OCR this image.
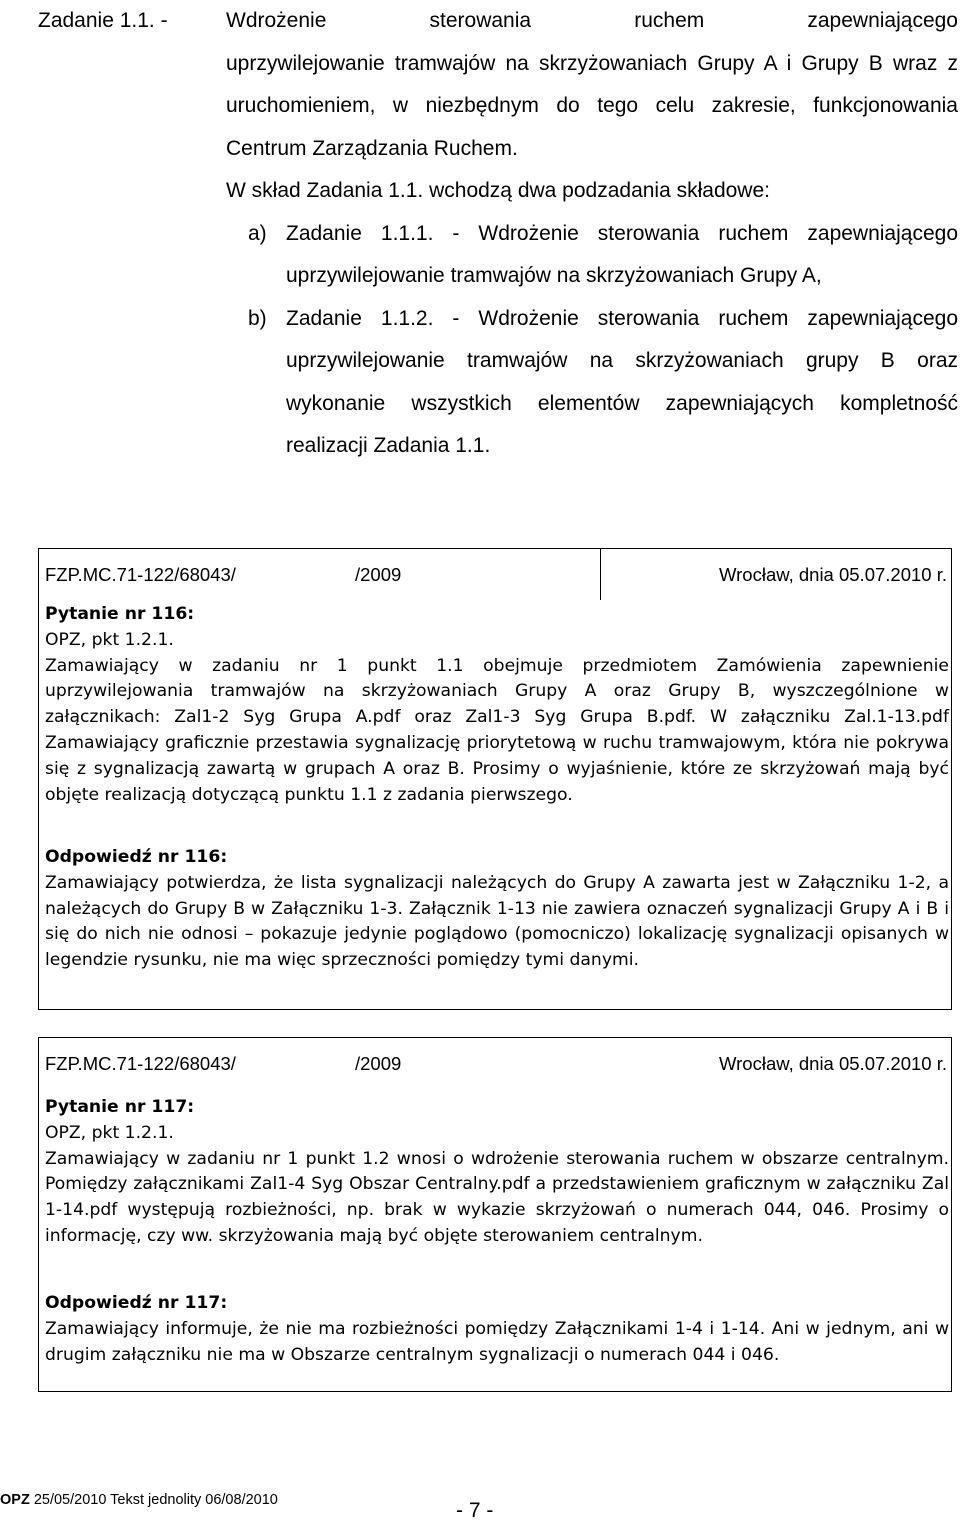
Zadanie 1.1. -	Wdrożenie sterowania ruchem zapewniającego
uprzywilejowanie tramwajów na skrzyżowaniach Grupy A i Grupy B wraz z uruchomieniem, w niezbędnym do tego celu zakresie, funkcjonowania Centrum Zarządzania Ruchem.
W skład Zadania 1.1. wchodzą dwa podzadania składowe:
a) Zadanie 1.1.1. - Wdrożenie sterowania ruchem zapewniającego uprzywilejowanie tramwajów na skrzyżowaniach Grupy A,
b) Zadanie 1.1.2. - Wdrożenie sterowania ruchem zapewniającego uprzywilejowanie tramwajów na skrzyżowaniach grupy B oraz wykonanie wszystkich elementów zapewniających kompletność realizacji Zadania 1.1.
FZP.MC.71-122/68043/	/2009	Wrocław, dnia 05.07.2010 r.

Pytanie nr 116:

OPZ, pkt 1.2.1.

Zamawiający w zadaniu nr 1 punkt 1.1 obejmuje przedmiotem Zamówienia zapewnienie uprzywilejowania tramwajów na skrzyżowaniach Grupy A oraz Grupy B, wyszczególnione w załącznikach: Zal1-2 Syg Grupa A.pdf oraz Zal1-3 Syg Grupa B.pdf. W załączniku Zal.1-13.pdf Zamawiający graficznie przestawia sygnalizację priorytetową w ruchu tramwajowym, która nie pokrywa się z sygnalizacją zawartą w grupach A oraz B. Prosimy o wyjaśnienie, które ze skrzyżowań mają być objęte realizacją dotyczącą punktu 1.1 z zadania pierwszego.

Odpowiedź nr 116:

Zamawiający potwierdza, że lista sygnalizacji należących do Grupy A zawarta jest w Załączniku 1-2, a należących do Grupy B w Załączniku 1-3. Załącznik 1-13 nie zawiera oznaczeń sygnalizacji Grupy A i B i się do nich nie odnosi – pokazuje jedynie poglądowo (pomocniczo) lokalizację sygnalizacji opisanych w legendzie rysunku, nie ma więc sprzeczności pomiędzy tymi danymi.

FZP.MC.71-122/68043/	/2009	Wrocław, dnia 05.07.2010 r.

Pytanie nr 117:

OPZ, pkt 1.2.1.

Zamawiający w zadaniu nr 1 punkt 1.2 wnosi o wdrożenie sterowania ruchem w obszarze centralnym. Pomiędzy załącznikami Zal1-4 Syg Obszar Centralny.pdf a przedstawieniem graficznym w załączniku Zal 1-14.pdf występują rozbieżności, np. brak w wykazie skrzyżowań o numerach 044, 046. Prosimy o informację, czy ww. skrzyżowania mają być objęte sterowaniem centralnym.

Odpowiedź nr 117:

Zamawiający informuje, że nie ma rozbieżności pomiędzy Załącznikami 1-4 i 1-14. Ani w jednym, ani w drugim załączniku nie ma w Obszarze centralnym sygnalizacji o numerach 044 i 046.

OPZ 25/05/2010 Tekst jednolity 06/08/2010	- 7 -
